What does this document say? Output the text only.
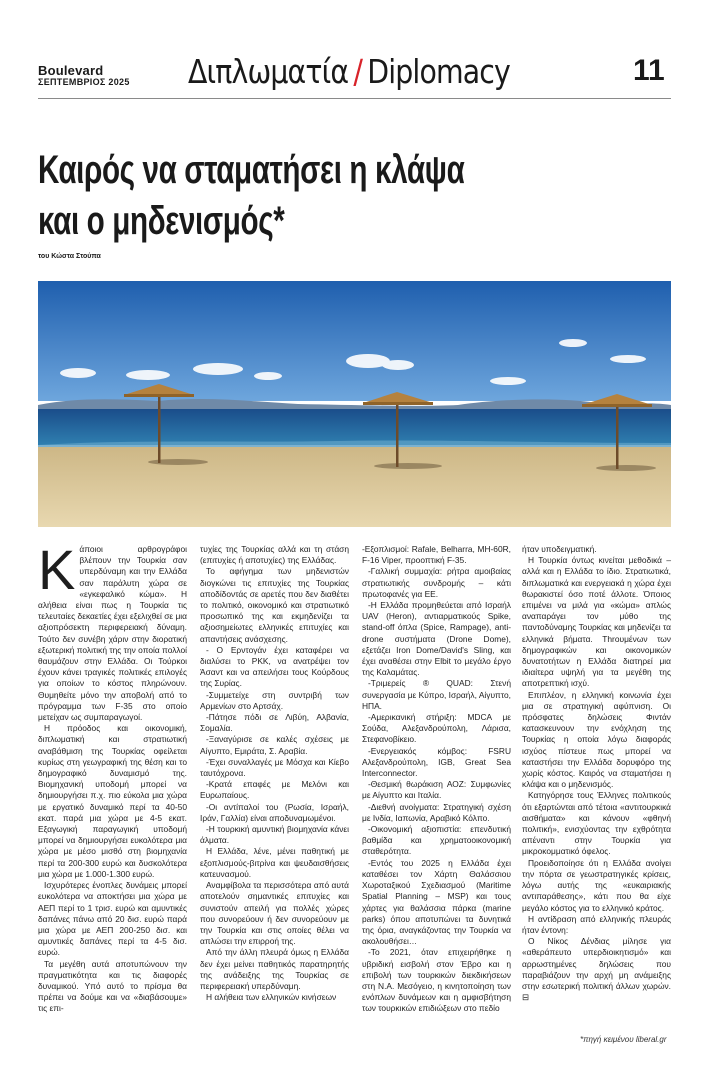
Boulevard
ΣΕΠΤΕΜΒΡΙΟΣ 2025 Διπλωματία / Diplomacy	11
Καιρός να σταματήσει η κλάψα
και ο μηδενισμός*
του Κώστα Στούπα

Κάποιοι αρθρογράφοι βλέπουν την Τουρκία σαν υπερδύναμη και την Ελλάδα σαν παράλυτη χώρα σε «εγκεφαλικό κώμα». Η αλήθεια είναι πως η Τουρκία τις τελευταίες δεκαετίες έχει εξελιχθεί σε μια αξιοπρόσεκτη περιφερειακή δύναμη. Τούτο δεν συνέβη χάριν στην διορατική εξωτερική πολιτική της την οποία πολλοί θαυμάζουν στην Ελλάδα. Οι Τούρκοι έχουν κάνει τραγικές πολιτικές επιλογές για οποίων το κόστος πληρώνουν. Θυμηθείτε μόνο την αποβολή από το πρόγραμμα των F-35 στο οποίο μετείχαν ως συμπαραγωγοί.

Η πρόοδος και οικονομική, διπλωματική και στρατιωτική αναβάθμιση της Τουρκίας οφείλεται κυρίως στη γεωγραφική της θέση και το δημογραφικό δυναμισμό της. Βιομηχανική υποδομή μπορεί να δημιουργήσει π.χ. πιο εύκολα μια χώρα με εργατικό δυναμικό περί τα 40-50 εκατ. παρά μια χώρα με 4-5 εκατ. Εξαγωγική παραγωγική υποδομή μπορεί να δημιουργήσει ευκολότερα μια χώρα με μέσο μισθό στη βιομηχανία περί τα 200-300 ευρώ και δυσκολότερα μια χώρα με 1.000-1.300 ευρώ.

Ισχυρότερες ένοπλες δυνάμεις μπορεί ευκολότερα να αποκτήσει μια χώρα με ΑΕΠ περί το 1 τρισ. ευρώ και αμυντικές δαπάνες πάνω από 20 δισ. ευρώ παρά μια χώρα με ΑΕΠ 200-250 δισ. και αμυντικές δαπάνες περί τα 4-5 δισ. ευρώ.

Τα μεγέθη αυτά αποτυπώνουν την πραγματικότητα και τις διαφορές δυναμικού. Υπό αυτό το πρίσμα θα πρέπει να δούμε και να «διαβάσουμε» τις επι-

τυχίες της Τουρκίας αλλά και τη στάση (επιτυχίες ή αποτυχίες) της Ελλάδας.

Το αφήγημα των μηδενιστών διογκώνει τις επιτυχίες της Τουρκίας αποδίδοντάς σε αρετές που δεν διαθέτει το πολιτικό, οικονομικό και στρατιωτικό προσωπικό της και εκμηδενίζει τα αξιοσημείωτες ελληνικές επιτυχίες και απαντήσεις ανάσχεσης.

- Ο Ερντογάν έχει καταφέρει να διαλύσει το PKK, να ανατρέψει τον Άσαντ και να απειλήσει τους Κούρδους της Συρίας.

-Συμμετείχε στη συντριβή των Αρμενίων στο Αρτσάχ.

-Πάτησε πόδι σε Λιβύη, Αλβανία, Σομαλία.

-Ξαναγύρισε σε καλές σχέσεις με Αίγυπτο, Εμιράτα, Σ. Αραβία.

-Έχει συναλλαγές με Μόσχα και Κίεβο ταυτόχρονα.

-Κρατά επαφές με Μελόνι και Ευρωπαίους.

-Οι αντίπαλοί του (Ρωσία, Ισραήλ, Ιράν, Γαλλία) είναι αποδυναμωμένοι.

-Η τουρκική αμυντική βιομηχανία κάνει άλματα.

Η Ελλάδα, λένε, μένει παθητική με εξοπλισμούς-βιτρίνα και ψευδαισθήσεις κατευνασμού.

Αναμφίβολα τα περισσότερα από αυτά αποτελούν σημαντικές επιτυχίες και συνιστούν απειλή για πολλές χώρες που συνορεύουν ή δεν συνορεύουν με την Τουρκία και στις οποίες θέλει να απλώσει την επιρροή της.

Από την άλλη πλευρά όμως η Ελλάδα δεν έχει μείνει παθητικός παρατηρητής της ανάδειξης της Τουρκίας σε περιφερειακή υπερδύναμη.

Η αλήθεια των ελληνικών κινήσεων

-Εξοπλισμοί: Rafale, Belharra, MH-60R, F-16 Viper, προοπτική F-35.

-Γαλλική συμμαχία: ρήτρα αμοιβαίας στρατιωτικής συνδρομής – κάτι πρωτοφανές για ΕΕ.

-Η Ελλάδα προμηθεύεται από Ισραήλ UAV (Heron), αντιαρματικούς Spike, stand-off όπλα (Spice, Rampage), anti-drone συστήματα (Drone Dome), εξετάζει Iron Dome/David's Sling, και έχει αναθέσει στην Elbit το μεγάλο έργο της Καλαμάτας.

-Τριμερείς ® QUAD: Στενή συνεργασία με Κύπρο, Ισραήλ, Αίγυπτο, ΗΠΑ.

-Αμερικανική στήριξη: MDCA με Σούδα, Αλεξανδρούπολη, Λάρισα, Στεφανοβίκειο.

-Ενεργειακός κόμβος: FSRU Αλεξανδρούπολη, IGB, Great Sea Interconnector.

-Θεσμική θωράκιση ΑΟΖ: Συμφωνίες με Αίγυπτο και Ιταλία.

-Διεθνή ανοίγματα: Στρατηγική σχέση με Ινδία, Ιαπωνία, Αραβικό Κόλπο.

-Οικονομική αξιοπιστία: επενδυτική βαθμίδα και χρηματοοικονομική σταθερότητα.

-Εντός του 2025 η Ελλάδα έχει καταθέσει τον Χάρτη Θαλάσσιου Χωροταξικού Σχεδιασμού (Maritime Spatial Planning – MSP) και τους χάρτες για θαλάσσια πάρκα (marine parks) όπου αποτυπώνει τα δυνητικά της όρια, αναγκάζοντας την Τουρκία να ακολουθήσει…

-Το 2021, όταν επιχειρήθηκε η υβριδική εισβολή στον Έβρο και η επιβολή των τουρκικών διεκδικήσεων στη Ν.Α. Μεσόγειο, η κινητοποίηση των ενόπλων δυνάμεων και η αμφισβήτηση των τουρκικών επιδιώξεων στο πεδίο

ήταν υποδειγματική.

Η Τουρκία όντως κινείται μεθοδικά – αλλά και η Ελλάδα το ίδιο. Στρατιωτικά, διπλωματικά και ενεργειακά η χώρα έχει θωρακιστεί όσο ποτέ άλλοτε. Όποιος επιμένει να μιλά για «κώμα» απλώς αναπαράγει τον μύθο της παντοδύναμης Τουρκίας και μηδενίζει τα ελληνικά βήματα. Throυμένων των δημογραφικών και οικονομικών δυνατοτήτων η Ελλάδα διατηρεί μια ιδιαίτερα υψηλή για τα μεγέθη της αποτρεπτική ισχύ.

Επιπλέον, η ελληνική κοινωνία έχει μια σε στρατηγική αφύπνιση. Οι πρόσφατες δηλώσεις Φιντάν κατασκευνουν την ενόχληση της Τουρκίας η οποία λόγω διαφοράς ισχύος πίστευε πως μπορεί να καταστήσει την Ελλάδα δορυφόρο της χωρίς κόστος. Καιρός να σταματήσει η κλάψα και ο μηδενισμός.

Κατηγόρησε τους Έλληνες πολιτικούς ότι εξαρτώνται από τέτοια «αντιτουρκικά αισθήματα» και κάνουν «φθηνή πολιτική», ενισχύοντας την εχθρότητα απέναντι στην Τουρκία για μικροκομματικό όφελος.

Προειδοποίησε ότι η Ελλάδα ανοίγει την πόρτα σε γεωστρατηγικές κρίσεις, λόγω αυτής της «ευκαιριακής αντιπαράθεσης», κάτι που θα είχε μεγάλο κόστος για το ελληνικό κράτος.

Η αντίδραση από ελληνικής πλευράς ήταν έντονη:

Ο Νίκος Δένδιας μίλησε για «αθεράπευτο υπερδιοικητισμό» και αρρωστημένες δηλώσεις που παραβιάζουν την αρχή μη ανάμειξης στην εσωτερική πολιτική άλλων χωρών. ⊟

*πηγή κειμένου liberal.gr
